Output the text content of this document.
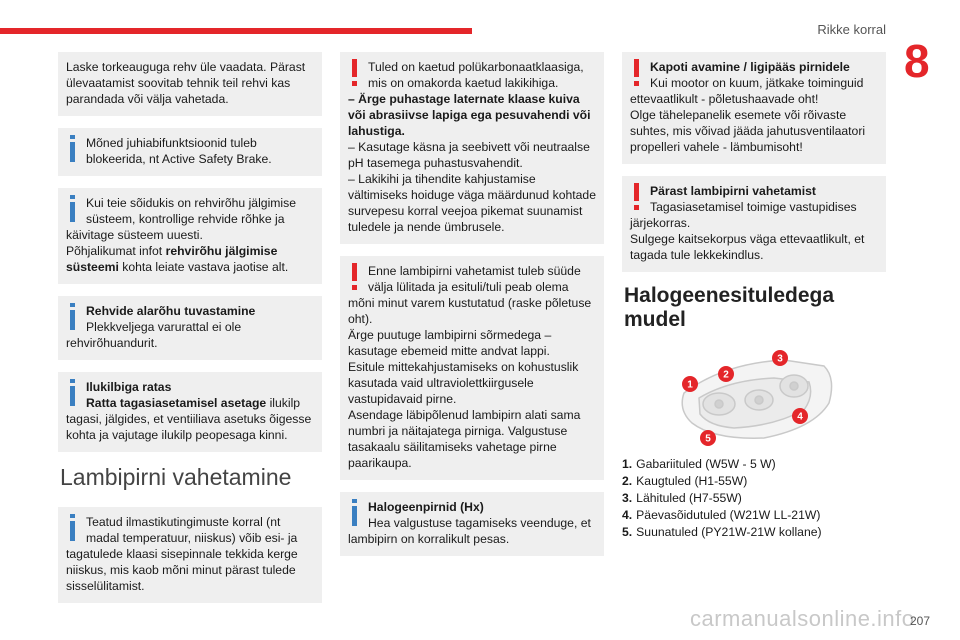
Rikke korral
8
Laske torkeauguga rehv üle vaadata. Pärast ülevaatamist soovitab tehnik teil rehvi kas parandada või välja vahetada.
Mõned juhiabifunktsioonid tuleb blokeerida, nt Active Safety Brake.
Kui teie sõidukis on rehvirõhu jälgimise süsteem, kontrollige rehvide rõhke ja käivitage süsteem uuesti.
Põhjalikumat infot rehvirõhu jälgimise süsteemi kohta leiate vastava jaotise alt.
Rehvide alarõhu tuvastamine
Plekkveljega varurattal ei ole rehvirõhuandurit.
Ilukilbiga ratas
Ratta tagasiasetamisel asetage ilukilp tagasi, jälgides, et ventiiliava asetuks õigesse kohta ja vajutage ilukilp peopesaga kinni.
Lambipirni vahetamine
Teatud ilmastikutingimuste korral (nt madal temperatuur, niiskus) võib esi- ja tagatulede klaasi sisepinnale tekkida kerge niiskus, mis kaob mõni minut pärast tulede sisselülitamist.
Tuled on kaetud polükarbonaatklaasiga, mis on omakorda kaetud lakikihiga.
– Ärge puhastage laternate klaase kuiva või abrasiivse lapiga ega pesuvahendi või lahustiga.
– Kasutage käsna ja seebivett või neutraalse pH tasemega puhastusvahendit.
– Lakikihi ja tihendite kahjustamise vältimiseks hoiduge väga määrdunud kohtade survepesu korral veejoa pikemat suunamist tuledele ja nende ümbrusele.
Enne lambipirni vahetamist tuleb süüde välja lülitada ja esituli/tuli peab olema mõni minut varem kustutatud (raske põletuse oht).
Ärge puutuge lambipirni sõrmedega – kasutage ebemeid mitte andvat lappi.
Esitule mittekahjustamiseks on kohustuslik kasutada vaid ultraviolettkiirgusele vastupidavaid pirne.
Asendage läbipõlenud lambipirn alati sama numbri ja näitajatega pirniga. Valgustuse tasakaalu säilitamiseks vahetage pirne paarikaupa.
Halogeenpirnid (Hx)
Hea valgustuse tagamiseks veenduge, et lambipirn on korralikult pesas.
Kapoti avamine / ligipääs pirnidele
Kui mootor on kuum, jätkake toiminguid ettevaatlikult - põletushaavade oht!
Olge tähelepanelik esemete või rõivaste suhtes, mis võivad jääda jahutusventilaatori propelleri vahele - lämbumisoht!
Pärast lambipirni vahetamist
Tagasiasetamisel toimige vastupidises järjekorras.
Sulgege kaitsekorpus väga ettevaatlikult, et tagada tule lekkekindlus.
Halogeenesituledega mudel
1
2
3
4
5
1. Gabariituled (W5W - 5 W)
2. Kaugtuled (H1-55W)
3. Lähituled (H7-55W)
4. Päevasõidutuled (W21W LL-21W)
5. Suunatuled (PY21W-21W kollane)
carmanualsonline.info
207
